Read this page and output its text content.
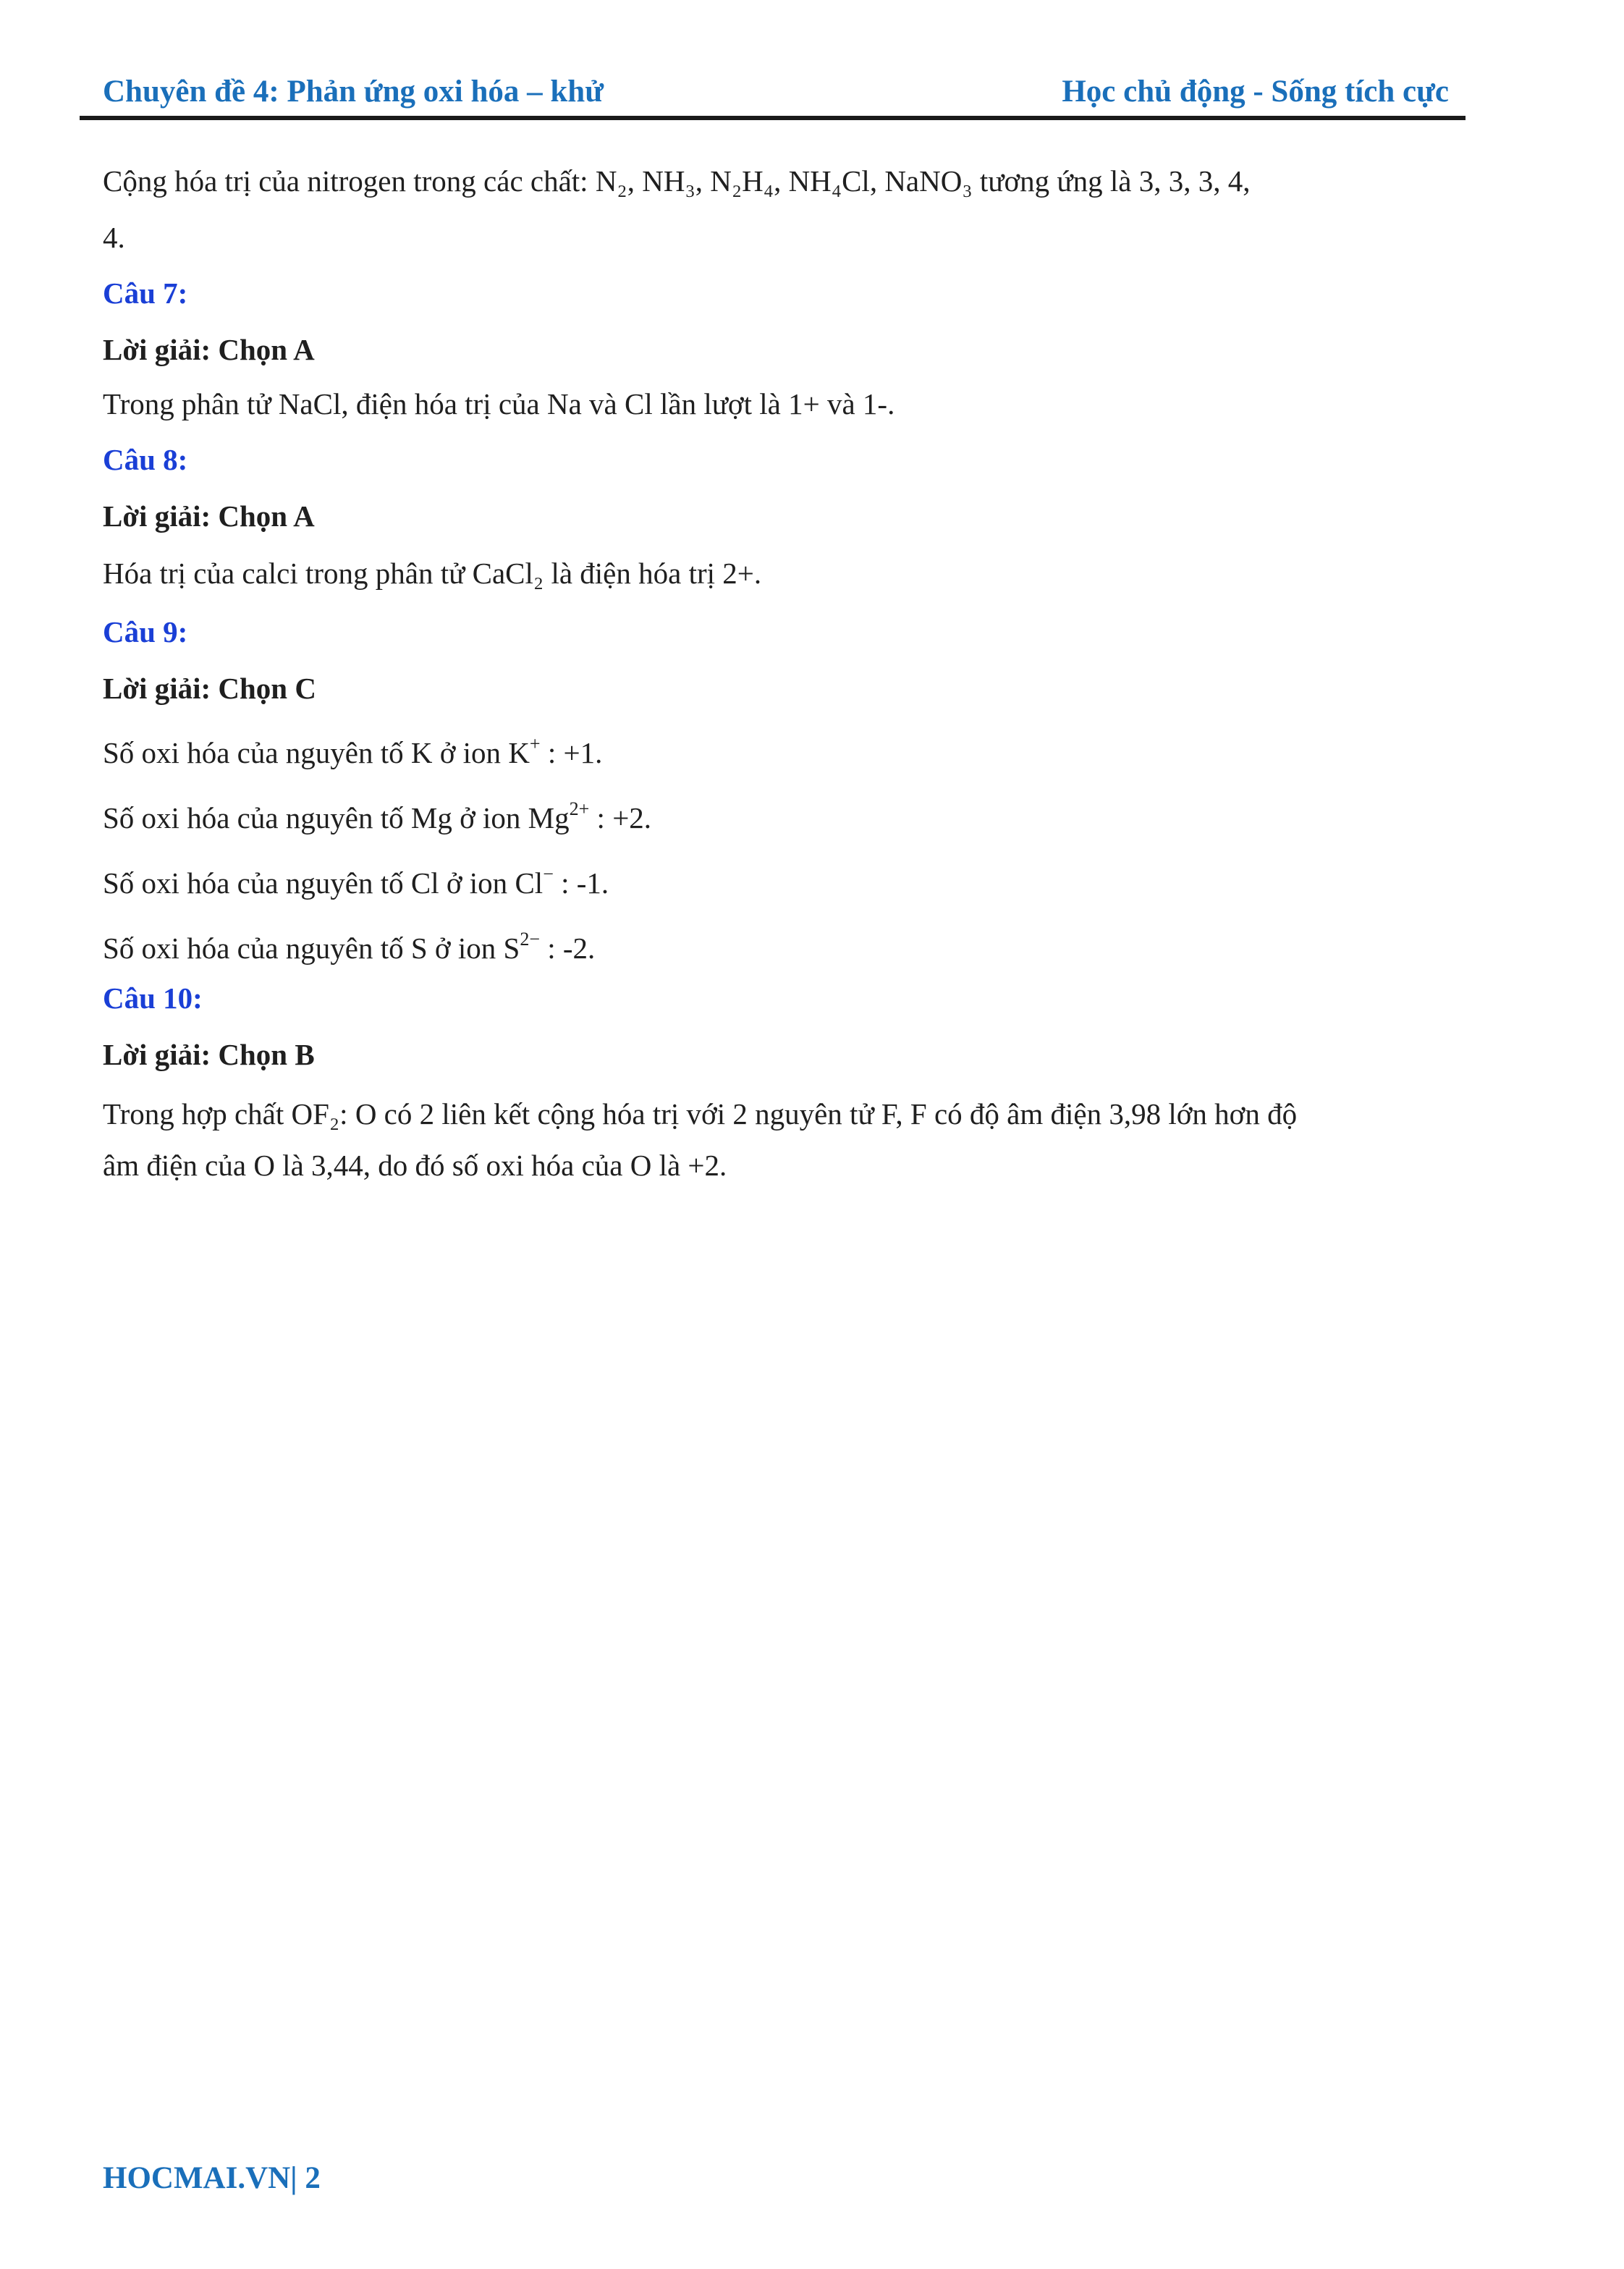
Chuyên đề 4: Phản ứng oxi hóa – khử	Học chủ động - Sống tích cực

Cộng hóa trị của nitrogen trong các chất: N₂, NH₃, N₂H₄, NH₄Cl, NaNO₃ tương ứng là 3, 3, 3, 4,

4.

Câu 7:
Lời giải: Chọn A

Trong phân tử NaCl, điện hóa trị của Na và Cl lần lượt là 1+ và 1-.

Câu 8:
Lời giải: Chọn A

Hóa trị của calci trong phân tử CaCl₂ là điện hóa trị 2+.

Câu 9:
Lời giải: Chọn C

Số oxi hóa của nguyên tố K ở ion K+ : +1.

Số oxi hóa của nguyên tố Mg ở ion $Mg^{2+}$ : +2.

Số oxi hóa của nguyên tố Cl ở ion Cl− : -1.

Số oxi hóa của nguyên tố S ở ion $S^{2-}$ : -2.

Câu 10:
Lời giải: Chọn B

Trong hợp chất OF₂: O có 2 liên kết cộng hóa trị với 2 nguyên tử F, F có độ âm điện 3,98 lớn hơn độ

âm điện của O là 3,44, do đó số oxi hóa của O là +2.

HOCMAI.VN| 2
